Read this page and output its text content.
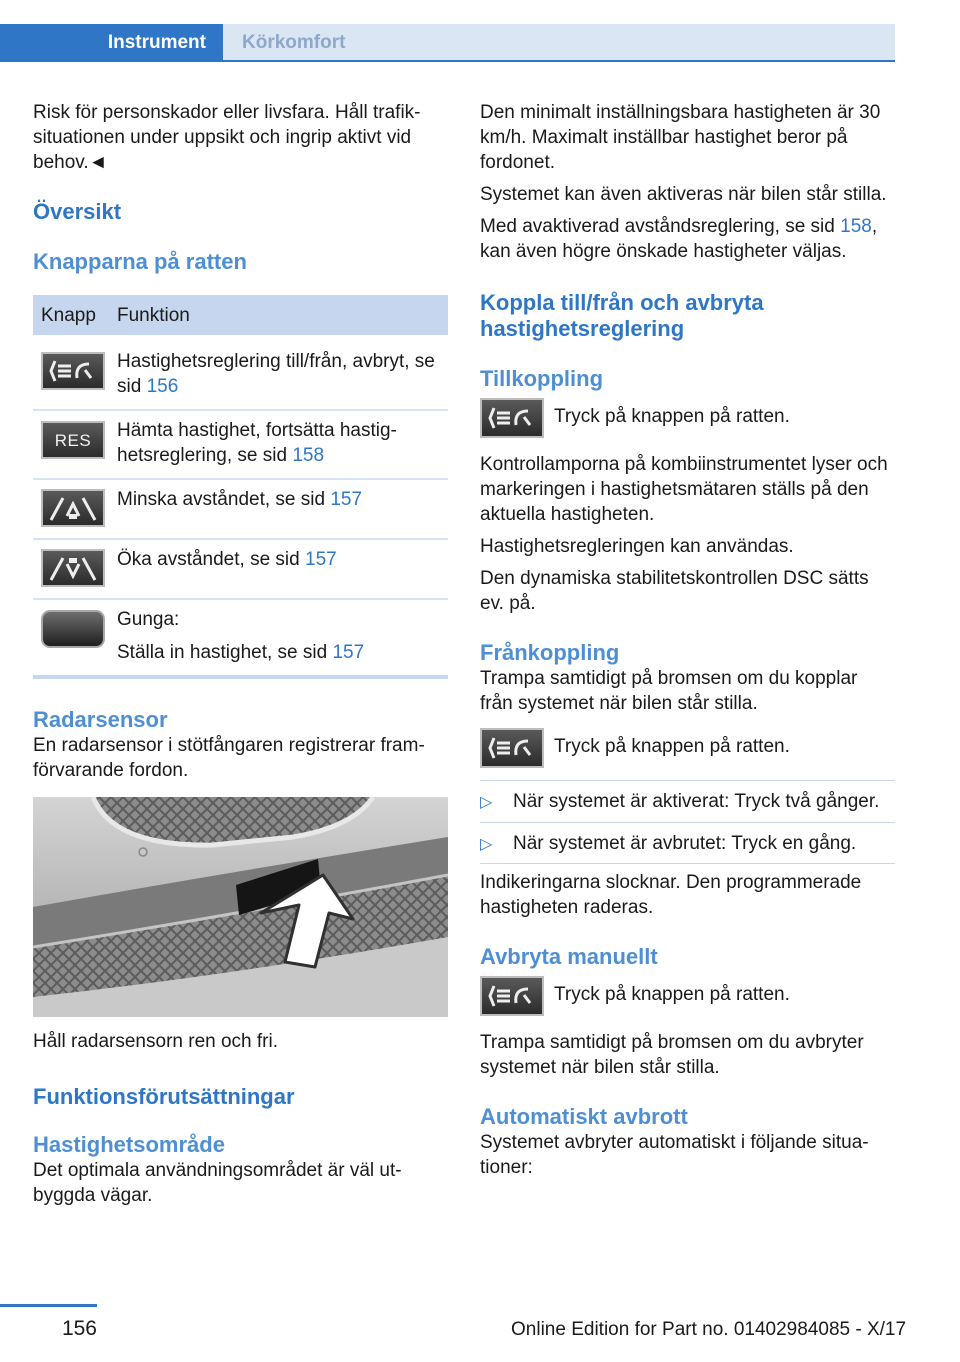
Instrument	Körkomfort

Risk för personskador eller livsfara. Håll trafik-situationen under uppsikt och ingrip aktivt vid behov.◄

Översikt
Knapparna på ratten
Knapp	Funktion

	Hastighetsreglering till/från, avbryt, se sid 156

RES	Hämta hastighet, fortsätta hastig-hetsreglering, se sid 158

	Minska avståndet, se sid 157

	Öka avståndet, se sid 157

	Gunga:
Ställa in hastighet, se sid 157
Radarsensor

En radarsensor i stötfångaren registrerar fram-förvarande fordon.

Håll radarsensorn ren och fri.

Funktionsförutsättningar
Hastighetsområde

Det optimala användningsområdet är väl ut-byggda vägar.

Den minimalt inställningsbara hastigheten är 30 km/h. Maximalt inställbar hastighet beror på fordonet.

Systemet kan även aktiveras när bilen står stilla.

Med avaktiverad avståndsreglering, se sid 158, kan även högre önskade hastigheter väljas.

Koppla till/från och avbryta hastighetsreglering
Tillkoppling
Tryck på knappen på ratten.

Kontrollamporna på kombiinstrumentet lyser och markeringen i hastighetsmätaren ställs på den aktuella hastigheten.

Hastighetsregleringen kan användas.

Den dynamiska stabilitetskontrollen DSC sätts ev. på.

Frånkoppling

Trampa samtidigt på bromsen om du kopplar från systemet när bilen står stilla.

Tryck på knappen på ratten.
▷	När systemet är aktiverat: Tryck två gånger.
▷	När systemet är avbrutet: Tryck en gång.

Indikeringarna slocknar. Den programmerade hastigheten raderas.

Avbryta manuellt
Tryck på knappen på ratten.

Trampa samtidigt på bromsen om du avbryter systemet när bilen står stilla.

Automatiskt avbrott

Systemet avbryter automatiskt i följande situa-tioner:

156	Online Edition for Part no. 01402984085 - X/17
